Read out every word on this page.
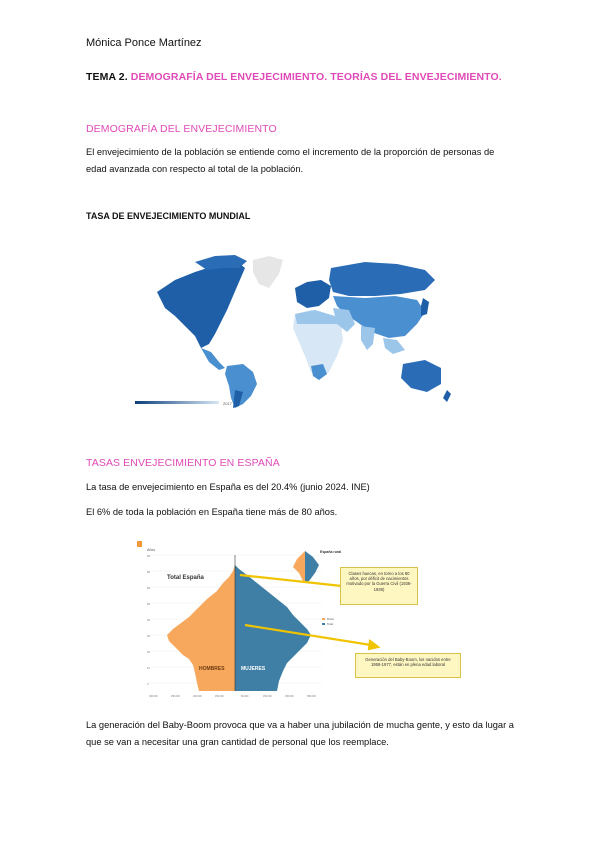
Mónica Ponce Martínez
TEMA 2. DEMOGRAFÍA DEL ENVEJECIMIENTO. TEORÍAS DEL ENVEJECIMIENTO.
DEMOGRAFÍA DEL ENVEJECIMIENTO
El envejecimiento de la población se entiende como el incremento de la proporción de personas de edad avanzada con respecto al total de la población.
TASA DE ENVEJECIMIENTO MUNDIAL
2017
TASAS ENVEJECIMIENTO EN ESPAÑA
La tasa de envejecimiento en España es del 20.4% (junio 2024. INE)
El 6% de toda la población en España tiene más de 80 años.
Años
95
80
65
50
40
30
20
10
0
300.000	250.000	200.000	150.000	50.000	150.000	250.000	350.000
Total España
HOMBRES	MUJERES
España rural
Rural
Total
Clases huecas, en torno a los 80 años, por déficit de nacimientos motivado por la Guerra Civil (1936-1939)
Generación del Baby-Boom, los nacidos entre 1958-1977, están en plena edad laboral
La generación del Baby-Boom provoca que va a haber una jubilación de mucha gente, y esto da lugar a que se van a necesitar una gran cantidad de personal que los reemplace.
